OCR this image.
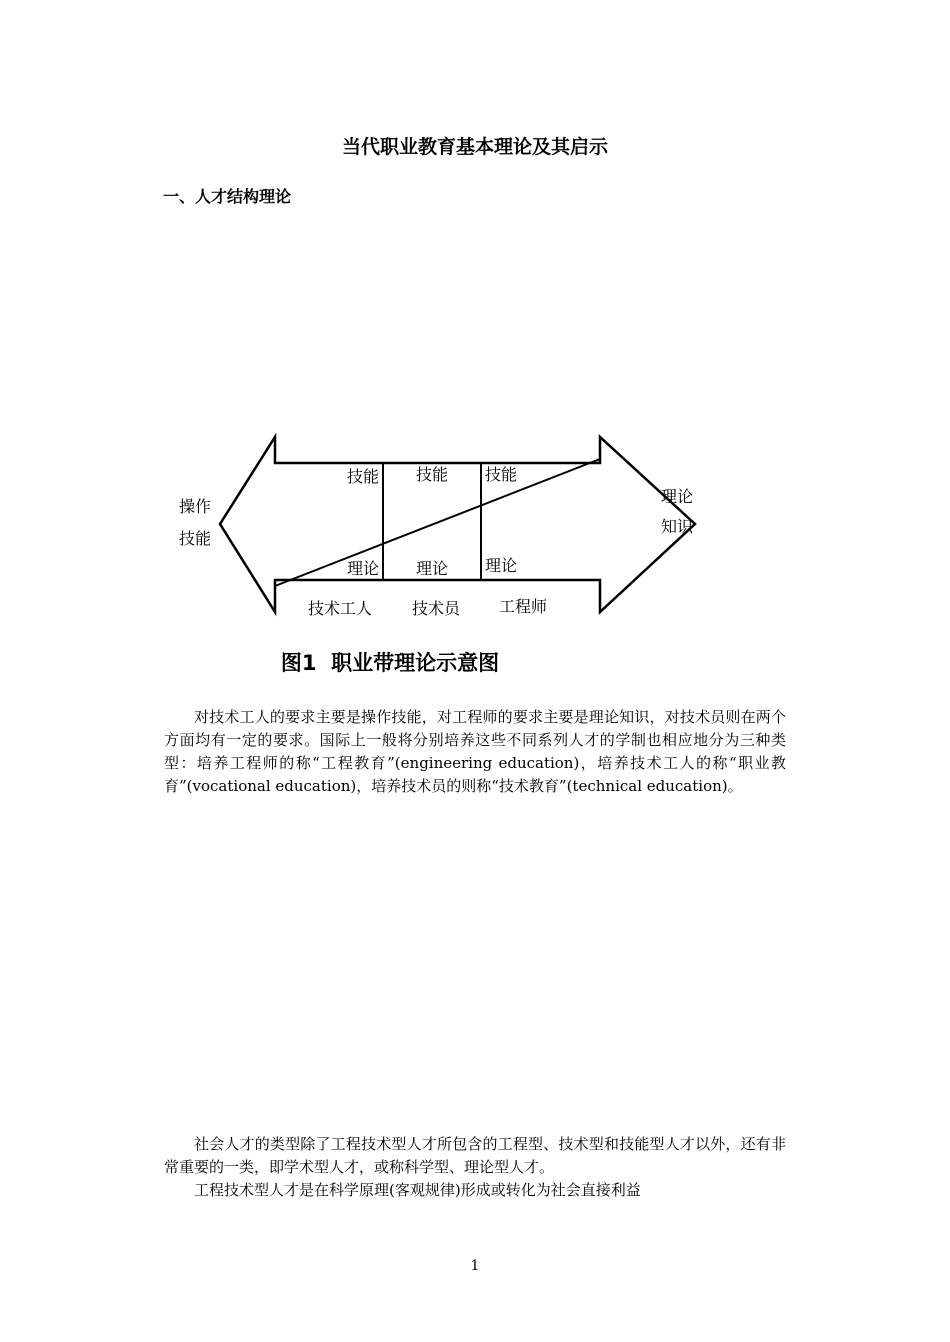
当代职业教育基本理论及其启示
一、人才结构理论
技能 技能 技能
理论 理论 理论
操作
技能
理论
知识
技术工人 技术员 工程师
图1  职业带理论示意图

对技术工人的要求主要是操作技能，对工程师的要求主要是理论知识，对技术员则在两个方面均有一定的要求。国际上一般将分别培养这些不同系列人才的学制也相应地分为三种类型：培养工程师的称“工程教育”(engineering education)，培养技术工人的称“职业教育”(vocational education)，培养技术员的则称“技术教育”(technical education)。

社会人才的类型除了工程技术型人才所包含的工程型、技术型和技能型人才以外，还有非常重要的一类，即学术型人才，或称科学型、理论型人才。

工程技术型人才是在科学原理(客观规律)形成或转化为社会直接利益

1
